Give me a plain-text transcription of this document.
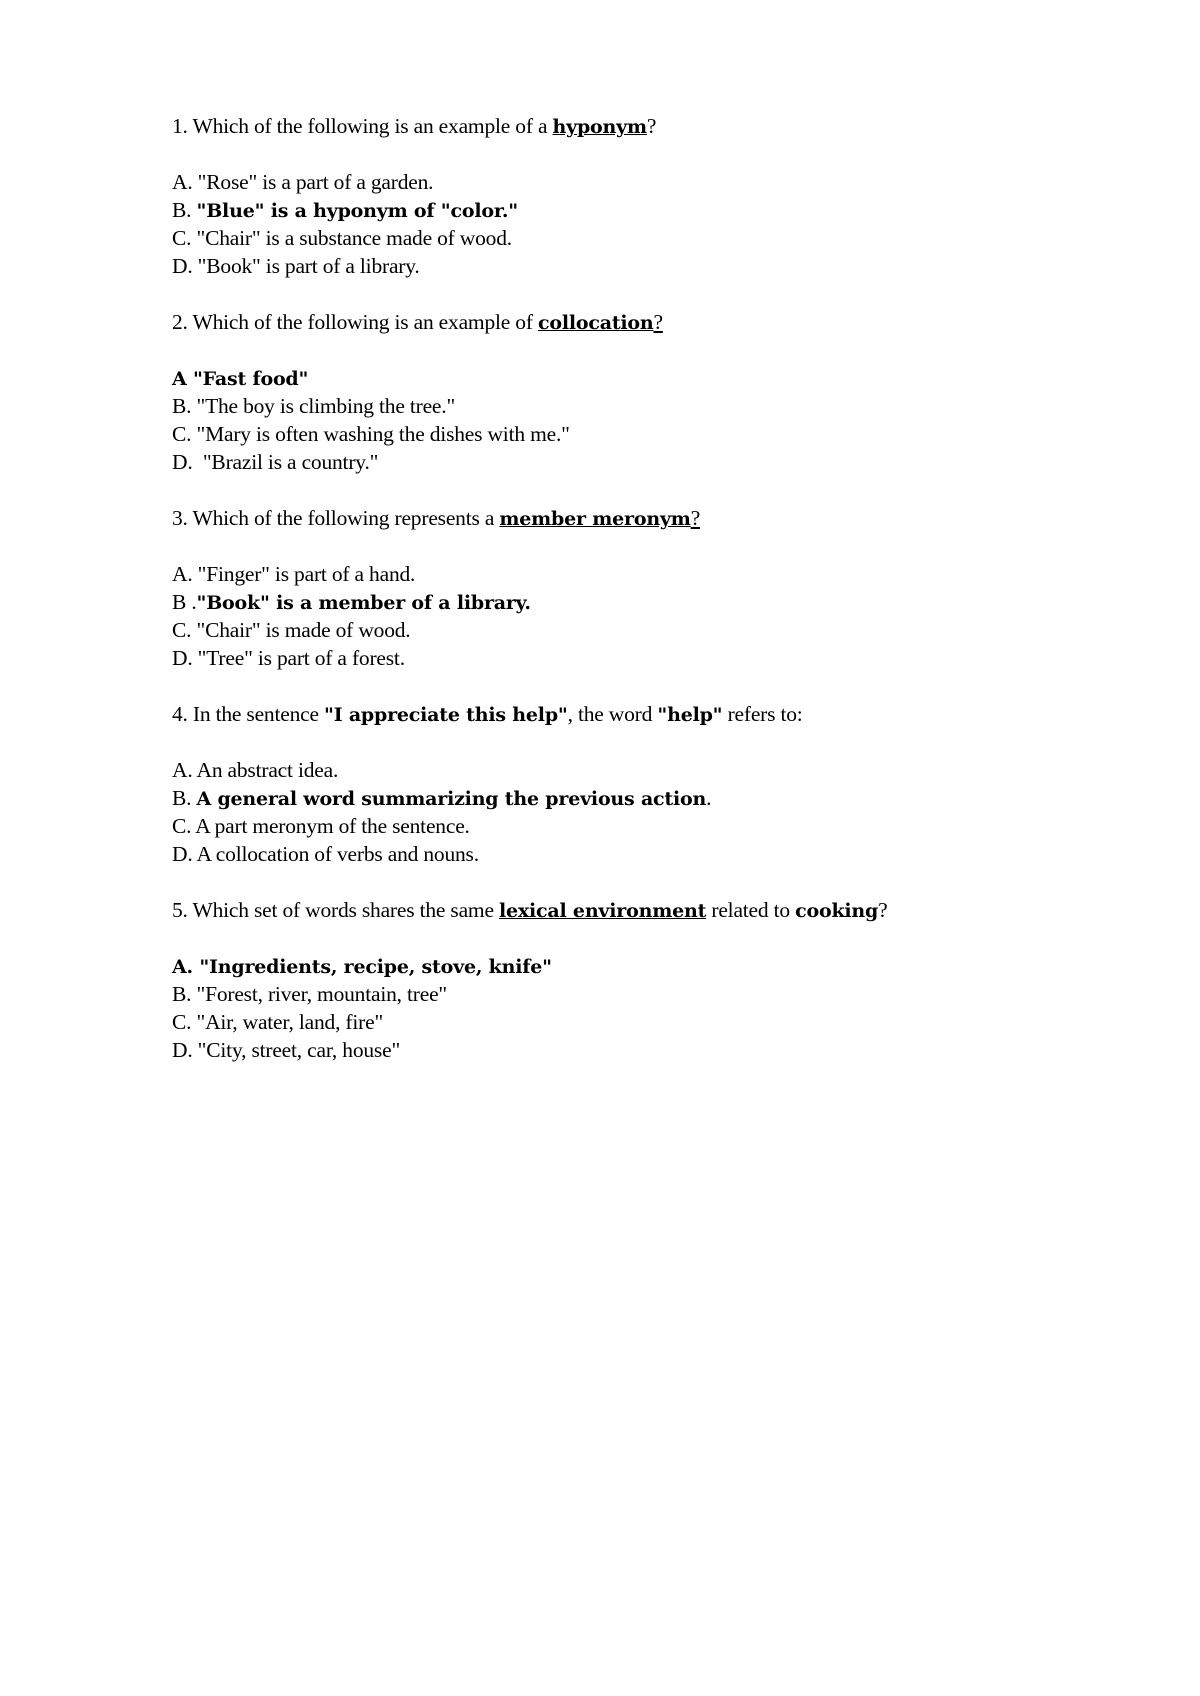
1. Which of the following is an example of a hyponym?
A. "Rose" is a part of a garden.
B. "Blue" is a hyponym of "color."
C. "Chair" is a substance made of wood.
D. "Book" is part of a library.
2. Which of the following is an example of collocation?
A "Fast food"
B. "The boy is climbing the tree."
C. "Mary is often washing the dishes with me."
D.  "Brazil is a country."
3. Which of the following represents a member meronym?
A. "Finger" is part of a hand.
B ."Book" is a member of a library.
C. "Chair" is made of wood.
D. "Tree" is part of a forest.
4. In the sentence "I appreciate this help", the word "help" refers to:
A. An abstract idea.
B. A general word summarizing the previous action.
C. A part meronym of the sentence.
D. A collocation of verbs and nouns.
5. Which set of words shares the same lexical environment related to cooking?
A. "Ingredients, recipe, stove, knife"
B. "Forest, river, mountain, tree"
C. "Air, water, land, fire"
D. "City, street, car, house"
